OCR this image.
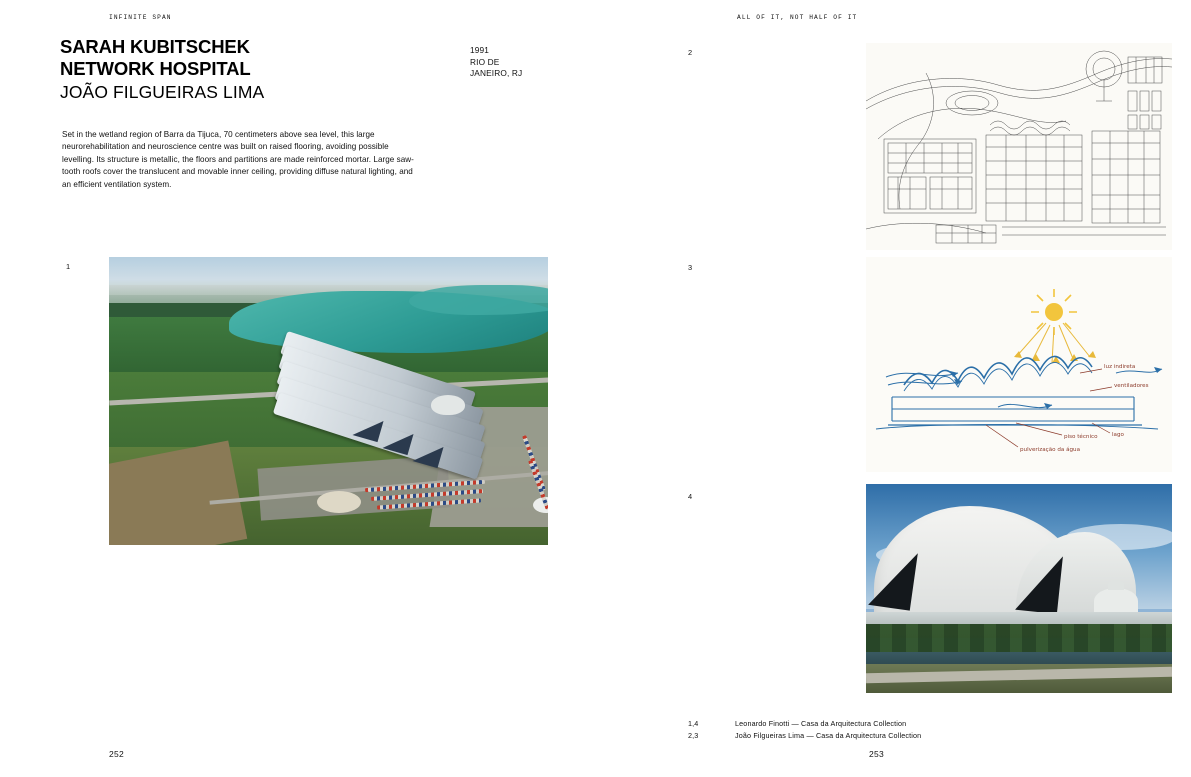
INFINITE SPAN	ALL OF IT, NOT HALF OF IT
SARAH KUBITSCHEK
NETWORK HOSPITAL
JOÃO FILGUEIRAS LIMA
Set in the wetland region of Barra da Tijuca, 70 centimeters above sea level, this large neurorehabilitation and neuroscience centre was built on raised flooring, avoiding possible levelling. Its structure is metallic, the floors and partitions are made reinforced mortar. Large saw-tooth roofs cover the translucent and movable inner ceiling, providing diffuse natural lighting, and an efficient ventilation system.
1991
RIO DE
JANEIRO, RJ
1
2
3
4
luz indireta
ventiladores
piso técnico	lago
pulverização da água
1,4	Leonardo Finotti — Casa da Arquitectura Collection
2,3	João Filgueiras Lima — Casa da Arquitectura Collection
252	253
